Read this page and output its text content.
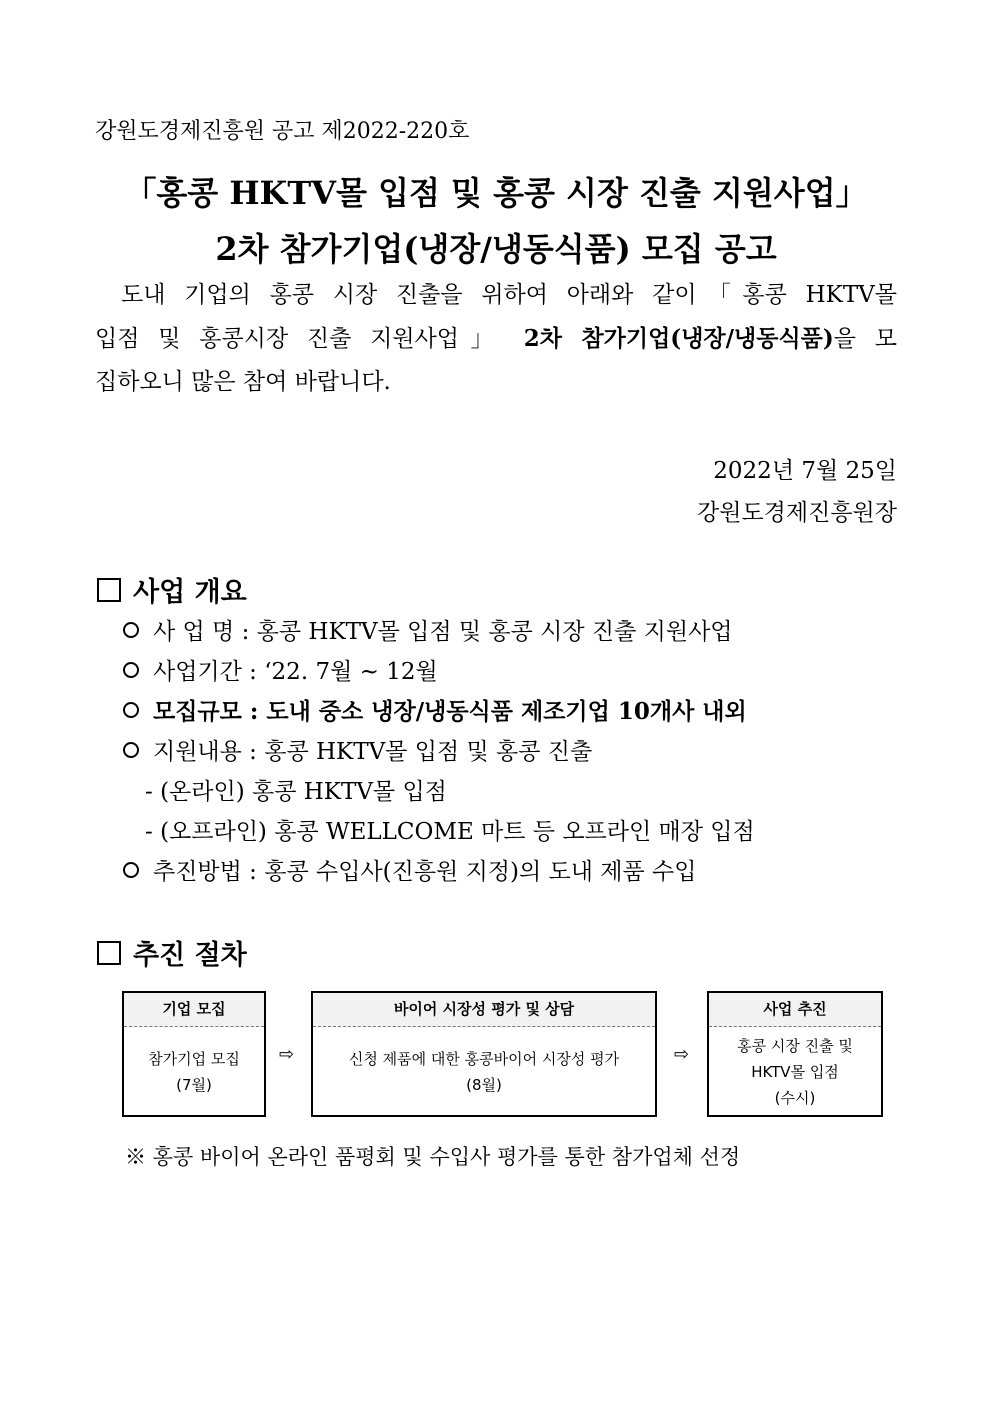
강원도경제진흥원 공고 제2022-220호
「홍콩 HKTV몰 입점 및 홍콩 시장 진출 지원사업」
2차 참가기업(냉장/냉동식품) 모집 공고
도내 기업의 홍콩 시장 진출을 위하여 아래와 같이「홍콩 HKTV몰
입점 및 홍콩시장 진출 지원사업」 2차 참가기업(냉장/냉동식품)을 모
집하오니 많은 참여 바랍니다.
2022년 7월 25일
강원도경제진흥원장
사업 개요
사 업 명 : 홍콩 HKTV몰 입점 및 홍콩 시장 진출 지원사업
사업기간 : ‘22. 7월 ~ 12월
모집규모 : 도내 중소 냉장/냉동식품 제조기업 10개사 내외
지원내용 : 홍콩 HKTV몰 입점 및 홍콩 진출
- (온라인) 홍콩 HKTV몰 입점
- (오프라인) 홍콩 WELLCOME 마트 등 오프라인 매장 입점
추진방법 : 홍콩 수입사(진흥원 지정)의 도내 제품 수입
추진 절차
기업 모집
참가기업 모집
(7월)
⇨
바이어 시장성 평가 및 상담
신청 제품에 대한 홍콩바이어 시장성 평가
(8월)
⇨
사업 추진
홍콩 시장 진출 및
HKTV몰 입점
(수시)
※ 홍콩 바이어 온라인 품평회 및 수입사 평가를 통한 참가업체 선정
